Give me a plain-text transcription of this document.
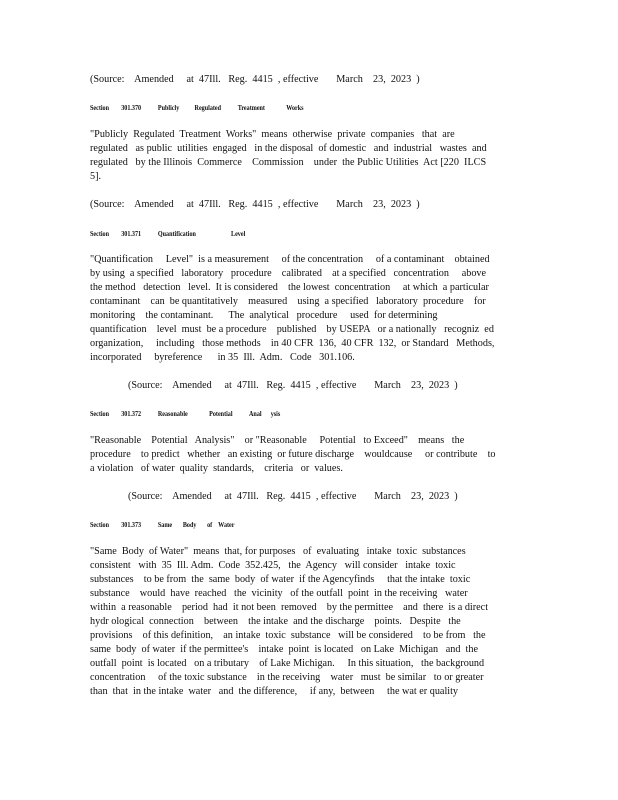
(Source:    Amended     at  47Ill.   Reg.  4415  , effective       March    23,  2023  )
Section        301.370           Publicly          Regulated           Treatment              Works
"Publicly  Regulated  Treatment  Works"  means  otherwise  private  companies   that  are
regulated   as public  utilities  engaged   in the disposal  of domestic   and  industrial   wastes  and
regulated   by the Illinois  Commerce    Commission    under  the Public Utilities  Act [220  ILCS
5].
(Source:    Amended     at  47Ill.   Reg.  4415  , effective       March    23,  2023  )
Section        301.371           Quantification                       Level
"Quantification     Level"  is a measurement     of the concentration     of a contaminant    obtained
by using  a specified   laboratory   procedure    calibrated    at a specified   concentration     above
the method   detection   level.  It is considered    the lowest  concentration     at which  a particular
contaminant    can  be quantitatively    measured    using  a specified   laboratory  procedure    for
monitoring    the contaminant.      The  analytical   procedure     used  for determining
quantification    level  must  be a procedure    published    by USEPA   or a nationally   recogniz  ed
organization,     including   those methods    in 40 CFR  136,  40 CFR  132,  or Standard   Methods,
incorporated     byreference      in 35  Ill.  Adm.   Code   301.106.
(Source:    Amended     at  47Ill.   Reg.  4415  , effective       March    23,  2023  )
Section        301.372           Reasonable              Potential           Anal      ysis
"Reasonable    Potential   Analysis"    or "Reasonable     Potential   to Exceed"    means   the
procedure    to predict   whether   an existing  or future discharge    wouldcause     or contribute    to
a violation   of water  quality  standards,    criteria   or  values.
(Source:    Amended     at  47Ill.   Reg.  4415  , effective       March    23,  2023  )
Section        301.373           Same       Body       of    Water
"Same  Body  of Water"  means  that, for purposes   of  evaluating   intake  toxic  substances
consistent   with  35  Ill. Adm.  Code  352.425,   the  Agency   will consider   intake  toxic
substances    to be from  the  same  body  of water  if the Agencyfinds     that the intake  toxic
substance    would  have  reached   the  vicinity   of the outfall  point  in the receiving   water
within  a reasonable    period  had  it not been  removed    by the permittee    and  there  is a direct
hydr ological  connection    between    the intake  and the discharge    points.   Despite   the
provisions    of this definition,    an intake  toxic  substance   will be considered    to be from   the
same  body  of water  if the permittee's    intake  point  is located   on Lake  Michigan   and  the
outfall  point  is located   on a tributary    of Lake Michigan.     In this situation,   the background
concentration     of the toxic substance    in the receiving    water   must  be similar   to or greater
than  that  in the intake  water   and  the difference,     if any,  between     the wat er quality
